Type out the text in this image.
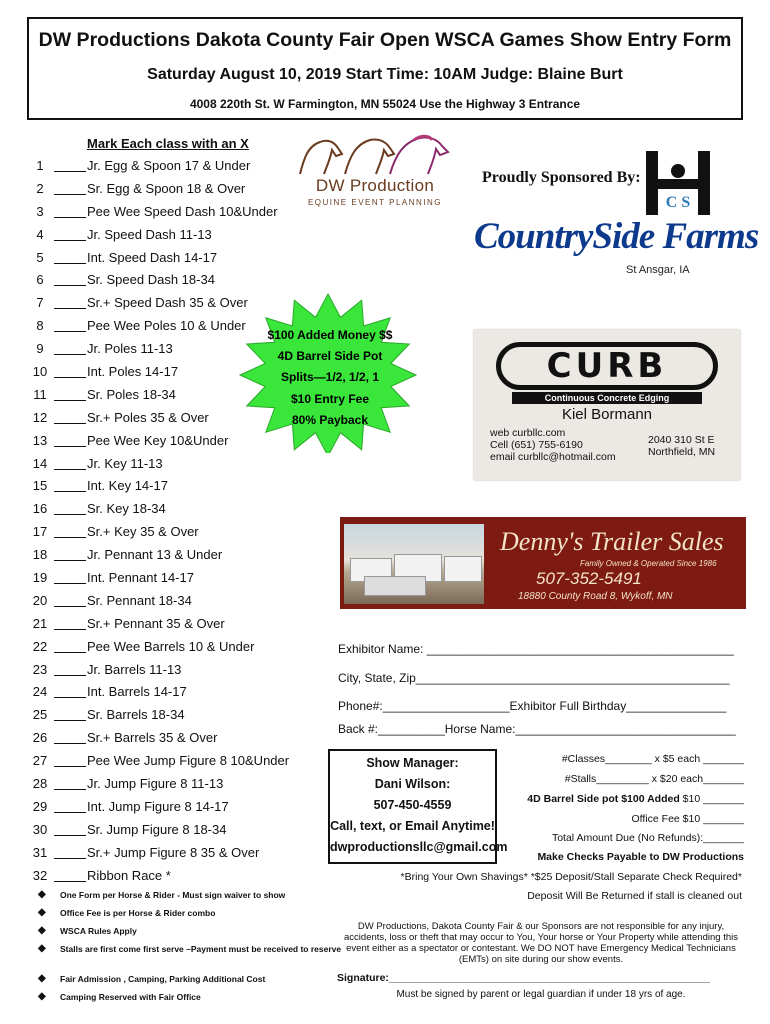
DW Productions Dakota County Fair Open WSCA Games Show Entry Form
Saturday August 10, 2019 Start Time: 10AM Judge: Blaine Burt
4008 220th St. W Farmington, MN 55024 Use the Highway 3 Entrance
Mark Each class with an X
1	Jr. Egg & Spoon 17 & Under
2	Sr. Egg & Spoon 18 & Over
3	Pee Wee Speed Dash 10&Under
4	Jr. Speed Dash 11-13
5	Int. Speed Dash 14-17
6	Sr. Speed Dash 18-34
7	Sr.+ Speed Dash 35 & Over
8	Pee Wee Poles 10 & Under
9	Jr. Poles 11-13
10	Int. Poles 14-17
11	Sr. Poles 18-34
12	Sr.+ Poles 35 & Over
13	Pee Wee Key 10&Under
14	Jr. Key 11-13
15	Int. Key 14-17
16	Sr. Key 18-34
17	Sr.+ Key 35 & Over
18	Jr. Pennant 13 & Under
19	Int. Pennant 14-17
20	Sr. Pennant 18-34
21	Sr.+ Pennant 35 & Over
22	Pee Wee Barrels 10 & Under
23	Jr. Barrels 11-13
24	Int. Barrels 14-17
25	Sr. Barrels 18-34
26	Sr.+ Barrels 35 & Over
27	Pee Wee Jump Figure 8 10&Under
28	Jr. Jump Figure 8 11-13
29	Int. Jump Figure 8 14-17
30	Sr. Jump Figure 8 18-34
31	Sr.+ Jump Figure 8 35 & Over
32	Ribbon Race *
DW Production
EQUINE EVENT PLANNING
Proudly Sponsored By:
C S
CountrySide Farms
St Ansgar, IA
$100 Added Money $$
4D Barrel Side Pot
Splits—1/2, 1/2, 1
$10 Entry Fee
80% Payback
CURB
Continuous Concrete Edging
Kiel Bormann
web curbllc.com
Cell (651) 755-6190
email curbllc@hotmail.com
2040 310 St E
Northfield, MN
Denny's Trailer Sales
Family Owned & Operated Since 1986
507-352-5491
18880 County Road 8, Wykoff, MN
Exhibitor Name: ______________________________________________
City, State, Zip_______________________________________________
Phone#:___________________Exhibitor Full Birthday_______________
Back #:__________Horse Name:_________________________________
Show Manager:
Dani Wilson:
507-450-4559
Call, text, or Email Anytime!
dwproductionsllc@gmail.com
#Classes________ x $5 each _______
#Stalls_________ x $20 each_______
4D Barrel Side pot $100 Added $10 _______
Office Fee $10 _______
Total Amount Due (No Refunds):_______
Make Checks Payable to DW Productions
*Bring Your Own Shavings* *$25 Deposit/Stall Separate Check Required*
Deposit Will Be Returned if stall is cleaned out
◆ One Form per Horse & Rider - Must sign waiver to show
◆ Office Fee is per Horse & Rider combo
◆ WSCA Rules Apply
◆ Stalls are first come first serve –Payment must be received to reserve
◆ Fair Admission , Camping, Parking Additional Cost
◆ Camping Reserved with Fair Office
DW Productions, Dakota County Fair & our Sponsors are not responsible for any injury, accidents, loss or theft that may occur to You, Your horse or Your Property while attending this event either as a spectator or contestant. We DO NOT have Emergency Medical Technicians (EMTs) on site during our show events.
Signature:_______________________________________________________
Must be signed by parent or legal guardian if under 18 yrs of age.
